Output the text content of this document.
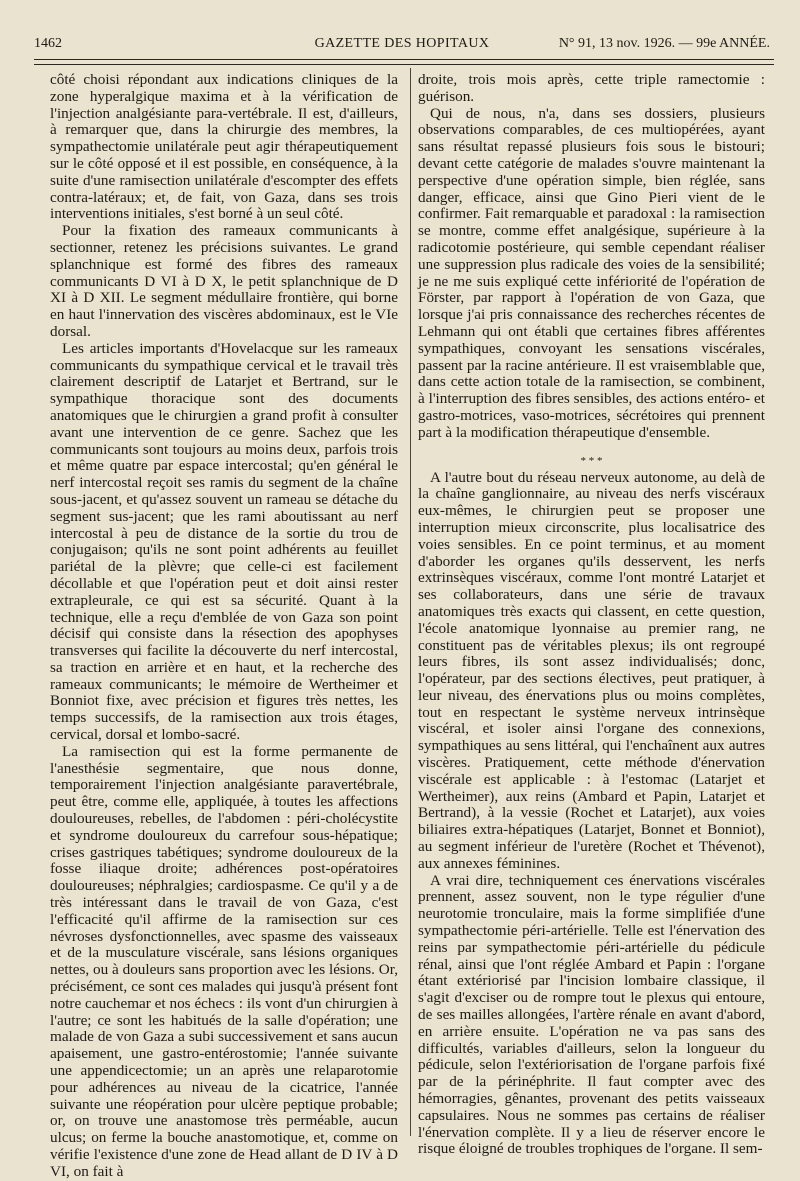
1462	GAZETTE DES HOPITAUX	N° 91, 13 nov. 1926. — 99e ANNÉE.

côté choisi répondant aux indications cliniques de la zone hyperalgique maxima et à la vérification de l'injection analgésiante para-vertébrale. Il est, d'ailleurs, à remarquer que, dans la chirurgie des membres, la sympathectomie unilatérale peut agir thérapeutiquement sur le côté opposé et il est possible, en conséquence, à la suite d'une ramisection unilatérale d'escompter des effets contra-latéraux; et, de fait, von Gaza, dans ses trois interventions initiales, s'est borné à un seul côté.

Pour la fixation des rameaux communicants à sectionner, retenez les précisions suivantes. Le grand splanchnique est formé des fibres des rameaux communicants D VI à D X, le petit splanchnique de D XI à D XII. Le segment médullaire frontière, qui borne en haut l'innervation des viscères abdominaux, est le VIe dorsal.

Les articles importants d'Hovelacque sur les rameaux communicants du sympathique cervical et le travail très clairement descriptif de Latarjet et Bertrand, sur le sympathique thoracique sont des documents anatomiques que le chirurgien a grand profit à consulter avant une intervention de ce genre. Sachez que les communicants sont toujours au moins deux, parfois trois et même quatre par espace intercostal; qu'en général le nerf intercostal reçoit ses ramis du segment de la chaîne sous-jacent, et qu'assez souvent un rameau se détache du segment sus-jacent; que les rami aboutissant au nerf intercostal à peu de distance de la sortie du trou de conjugaison; qu'ils ne sont point adhérents au feuillet pariétal de la plèvre; que celle-ci est facilement décollable et que l'opération peut et doit ainsi rester extrapleurale, ce qui est sa sécurité. Quant à la technique, elle a reçu d'emblée de von Gaza son point décisif qui consiste dans la résection des apophyses transverses qui facilite la découverte du nerf intercostal, sa traction en arrière et en haut, et la recherche des rameaux communicants; le mémoire de Wertheimer et Bonniot fixe, avec précision et figures très nettes, les temps successifs, de la ramisection aux trois étages, cervical, dorsal et lombo-sacré.

La ramisection qui est la forme permanente de l'anesthésie segmentaire, que nous donne, temporairement l'injection analgésiante paravertébrale, peut être, comme elle, appliquée, à toutes les affections douloureuses, rebelles, de l'abdomen : péri-cholécystite et syndrome douloureux du carrefour sous-hépatique; crises gastriques tabétiques; syndrome douloureux de la fosse iliaque droite; adhérences post-opératoires douloureuses; néphralgies; cardiospasme. Ce qu'il y a de très intéressant dans le travail de von Gaza, c'est l'efficacité qu'il affirme de la ramisection sur ces névroses dysfonctionnelles, avec spasme des vaisseaux et de la musculature viscérale, sans lésions organiques nettes, ou à douleurs sans proportion avec les lésions. Or, précisément, ce sont ces malades qui jusqu'à présent font notre cauchemar et nos échecs : ils vont d'un chirurgien à l'autre; ce sont les habitués de la salle d'opération; une malade de von Gaza a subi successivement et sans aucun apaisement, une gastro-entérostomie; l'année suivante une appendicectomie; un an après une relaparotomie pour adhérences au niveau de la cicatrice, l'année suivante une réopération pour ulcère peptique probable; or, on trouve une anastomose très perméable, aucun ulcus; on ferme la bouche anastomotique, et, comme on vérifie l'existence d'une zone de Head allant de D IV à D VI, on fait à

droite, trois mois après, cette triple ramectomie : guérison.

Qui de nous, n'a, dans ses dossiers, plusieurs observations comparables, de ces multiopérées, ayant sans résultat repassé plusieurs fois sous le bistouri; devant cette catégorie de malades s'ouvre maintenant la perspective d'une opération simple, bien réglée, sans danger, efficace, ainsi que Gino Pieri vient de le confirmer. Fait remarquable et paradoxal : la ramisection se montre, comme effet analgésique, supérieure à la radicotomie postérieure, qui semble cependant réaliser une suppression plus radicale des voies de la sensibilité; je ne me suis expliqué cette infériorité de l'opération de Förster, par rapport à l'opération de von Gaza, que lorsque j'ai pris connaissance des recherches récentes de Lehmann qui ont établi que certaines fibres afférentes sympathiques, convoyant les sensations viscérales, passent par la racine antérieure. Il est vraisemblable que, dans cette action totale de la ramisection, se combinent, à l'interruption des fibres sensibles, des actions entéro- et gastro-motrices, vaso-motrices, sécrétoires qui prennent part à la modification thérapeutique d'ensemble.

* * *

A l'autre bout du réseau nerveux autonome, au delà de la chaîne ganglionnaire, au niveau des nerfs viscéraux eux-mêmes, le chirurgien peut se proposer une interruption mieux circonscrite, plus localisatrice des voies sensibles. En ce point terminus, et au moment d'aborder les organes qu'ils desservent, les nerfs extrinsèques viscéraux, comme l'ont montré Latarjet et ses collaborateurs, dans une série de travaux anatomiques très exacts qui classent, en cette question, l'école anatomique lyonnaise au premier rang, ne constituent pas de véritables plexus; ils ont regroupé leurs fibres, ils sont assez individualisés; donc, l'opérateur, par des sections électives, peut pratiquer, à leur niveau, des énervations plus ou moins complètes, tout en respectant le système nerveux intrinsèque viscéral, et isoler ainsi l'organe des connexions, sympathiques au sens littéral, qui l'enchaînent aux autres viscères. Pratiquement, cette méthode d'énervation viscérale est applicable : à l'estomac (Latarjet et Wertheimer), aux reins (Ambard et Papin, Latarjet et Bertrand), à la vessie (Rochet et Latarjet), aux voies biliaires extra-hépatiques (Latarjet, Bonnet et Bonniot), au segment inférieur de l'uretère (Rochet et Thévenot), aux annexes féminines.

A vrai dire, techniquement ces énervations viscérales prennent, assez souvent, non le type régulier d'une neurotomie tronculaire, mais la forme simplifiée d'une sympathectomie péri-artérielle. Telle est l'énervation des reins par sympathectomie péri-artérielle du pédicule rénal, ainsi que l'ont réglée Ambard et Papin : l'organe étant extériorisé par l'incision lombaire classique, il s'agit d'exciser ou de rompre tout le plexus qui entoure, de ses mailles allongées, l'artère rénale en avant d'abord, en arrière ensuite. L'opération ne va pas sans des difficultés, variables d'ailleurs, selon la longueur du pédicule, selon l'extériorisation de l'organe parfois fixé par de la périnéphrite. Il faut compter avec des hémorragies, gênantes, provenant des petits vaisseaux capsulaires. Nous ne sommes pas certains de réaliser l'énervation complète. Il y a lieu de réserver encore le risque éloigné de troubles trophiques de l'organe. Il sem-
